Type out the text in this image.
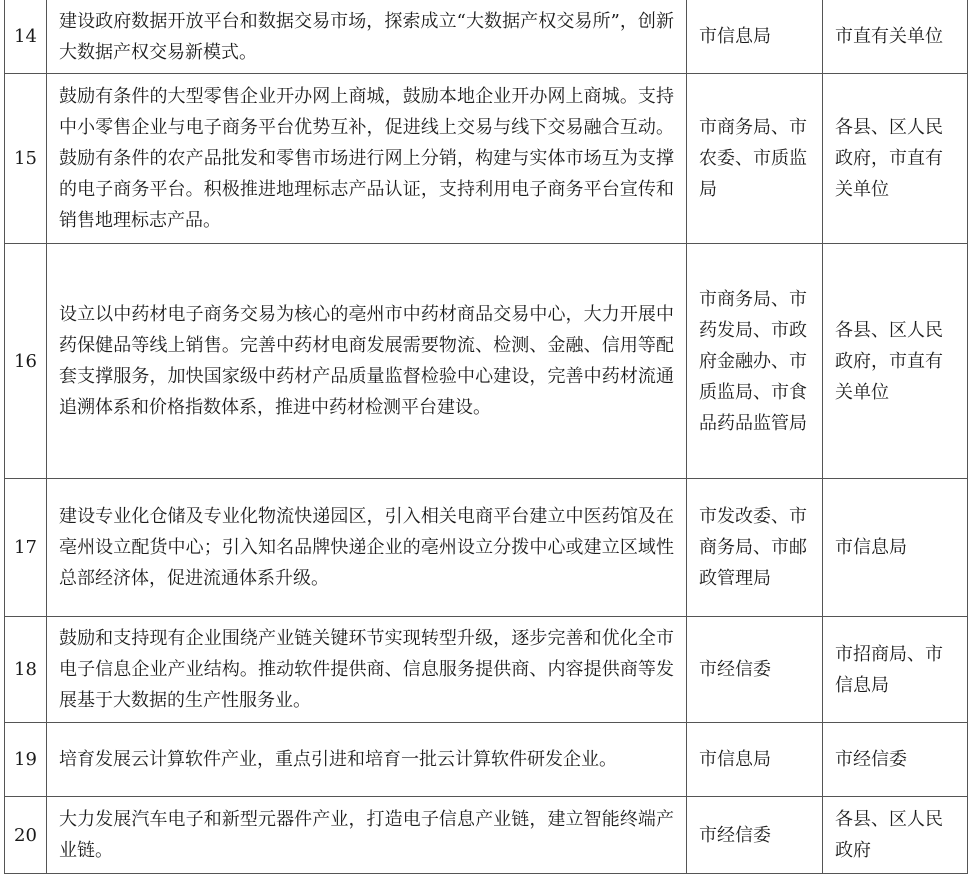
14	建设政府数据开放平台和数据交易市场，探索成立“大数据产权交易所”，创新大数据产权交易新模式。	市信息局	市直有关单位
15	鼓励有条件的大型零售企业开办网上商城，鼓励本地企业开办网上商城。支持中小零售企业与电子商务平台优势互补，促进线上交易与线下交易融合互动。鼓励有条件的农产品批发和零售市场进行网上分销，构建与实体市场互为支撑的电子商务平台。积极推进地理标志产品认证，支持利用电子商务平台宣传和销售地理标志产品。	市商务局、市农委、市质监局	各县、区人民政府，市直有关单位
16	设立以中药材电子商务交易为核心的亳州市中药材商品交易中心，大力开展中药保健品等线上销售。完善中药材电商发展需要物流、检测、金融、信用等配套支撑服务，加快国家级中药材产品质量监督检验中心建设，完善中药材流通追溯体系和价格指数体系，推进中药材检测平台建设。	市商务局、市药发局、市政府金融办、市质监局、市食品药品监管局	各县、区人民政府，市直有关单位
17	建设专业化仓储及专业化物流快递园区，引入相关电商平台建立中医药馆及在亳州设立配货中心；引入知名品牌快递企业的亳州设立分拨中心或建立区域性总部经济体，促进流通体系升级。	市发改委、市商务局、市邮政管理局	市信息局
18	鼓励和支持现有企业围绕产业链关键环节实现转型升级，逐步完善和优化全市电子信息企业产业结构。推动软件提供商、信息服务提供商、内容提供商等发展基于大数据的生产性服务业。	市经信委	市招商局、市信息局
19	培育发展云计算软件产业，重点引进和培育一批云计算软件研发企业。	市信息局	市经信委
20	大力发展汽车电子和新型元器件产业，打造电子信息产业链，建立智能终端产业链。	市经信委	各县、区人民政府
